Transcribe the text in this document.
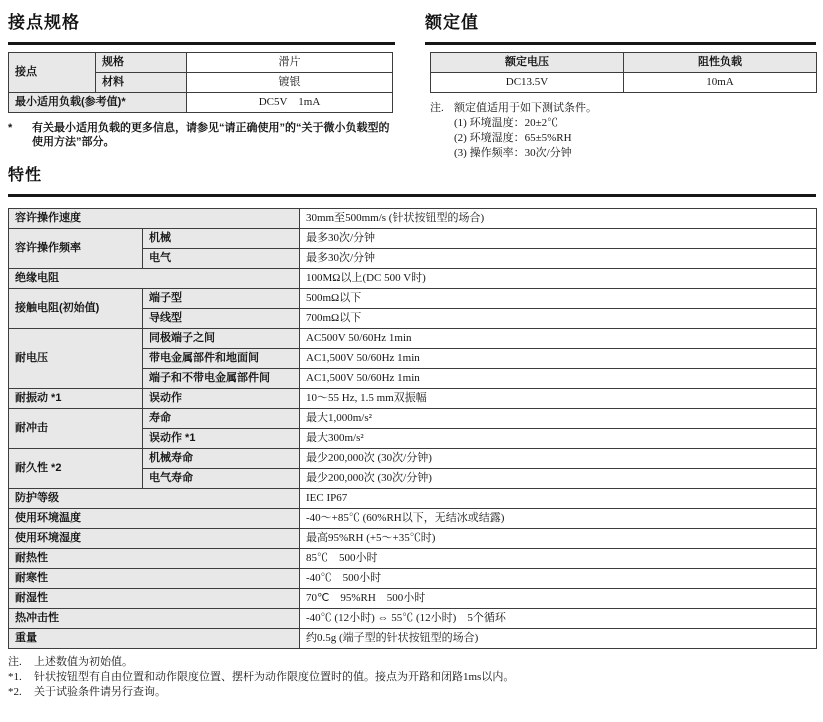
接点规格
接点	规格	滑片
	材料	镀银
最小适用负载(参考值)*		DC5V　1mA
*	有关最小适用负载的更多信息，请参见“请正确使用”的“关于微小负载型的使用方法”部分。
额定值
额定电压	阻性负载
DC13.5V	10mA
注. 额定值适用于如下测试条件。
(1) 环境温度：20±2℃
(2) 环境湿度：65±5%RH
(3) 操作频率：30次/分钟
特性
容许操作速度		30mm至500mm/s (针状按钮型的场合)
容许操作频率	机械	最多30次/分钟
	电气	最多30次/分钟
绝缘电阻		100MΩ以上(DC 500 V时)
接触电阻(初始值)	端子型	500mΩ以下
	导线型	700mΩ以下
耐电压	同极端子之间	AC500V 50/60Hz 1min
	带电金属部件和地面间	AC1,500V 50/60Hz 1min
	端子和不带电金属部件间	AC1,500V 50/60Hz 1min
耐振动 *1	误动作	10～55 Hz, 1.5 mm双振幅
耐冲击	寿命	最大1,000m/s²
	误动作 *1	最大300m/s²
耐久性 *2	机械寿命	最少200,000次 (30次/分钟)
	电气寿命	最少200,000次 (30次/分钟)
防护等级		IEC IP67
使用环境温度		-40～+85℃ (60%RH以下，无结冰或结露)
使用环境湿度		最高95%RH (+5～+35℃时)
耐热性		85℃　500小时
耐寒性		-40℃　500小时
耐湿性		70℃　95%RH　500小时
热冲击性		-40℃ (12小时) ⇔ 55℃ (12小时)　5个循环
重量		约0.5g (端子型的针状按钮型的场合)
注.	上述数值为初始值。
*1.	针状按钮型有自由位置和动作限度位置、摆杆为动作限度位置时的值。接点为开路和闭路1ms以内。
*2.	关于试验条件请另行查询。
